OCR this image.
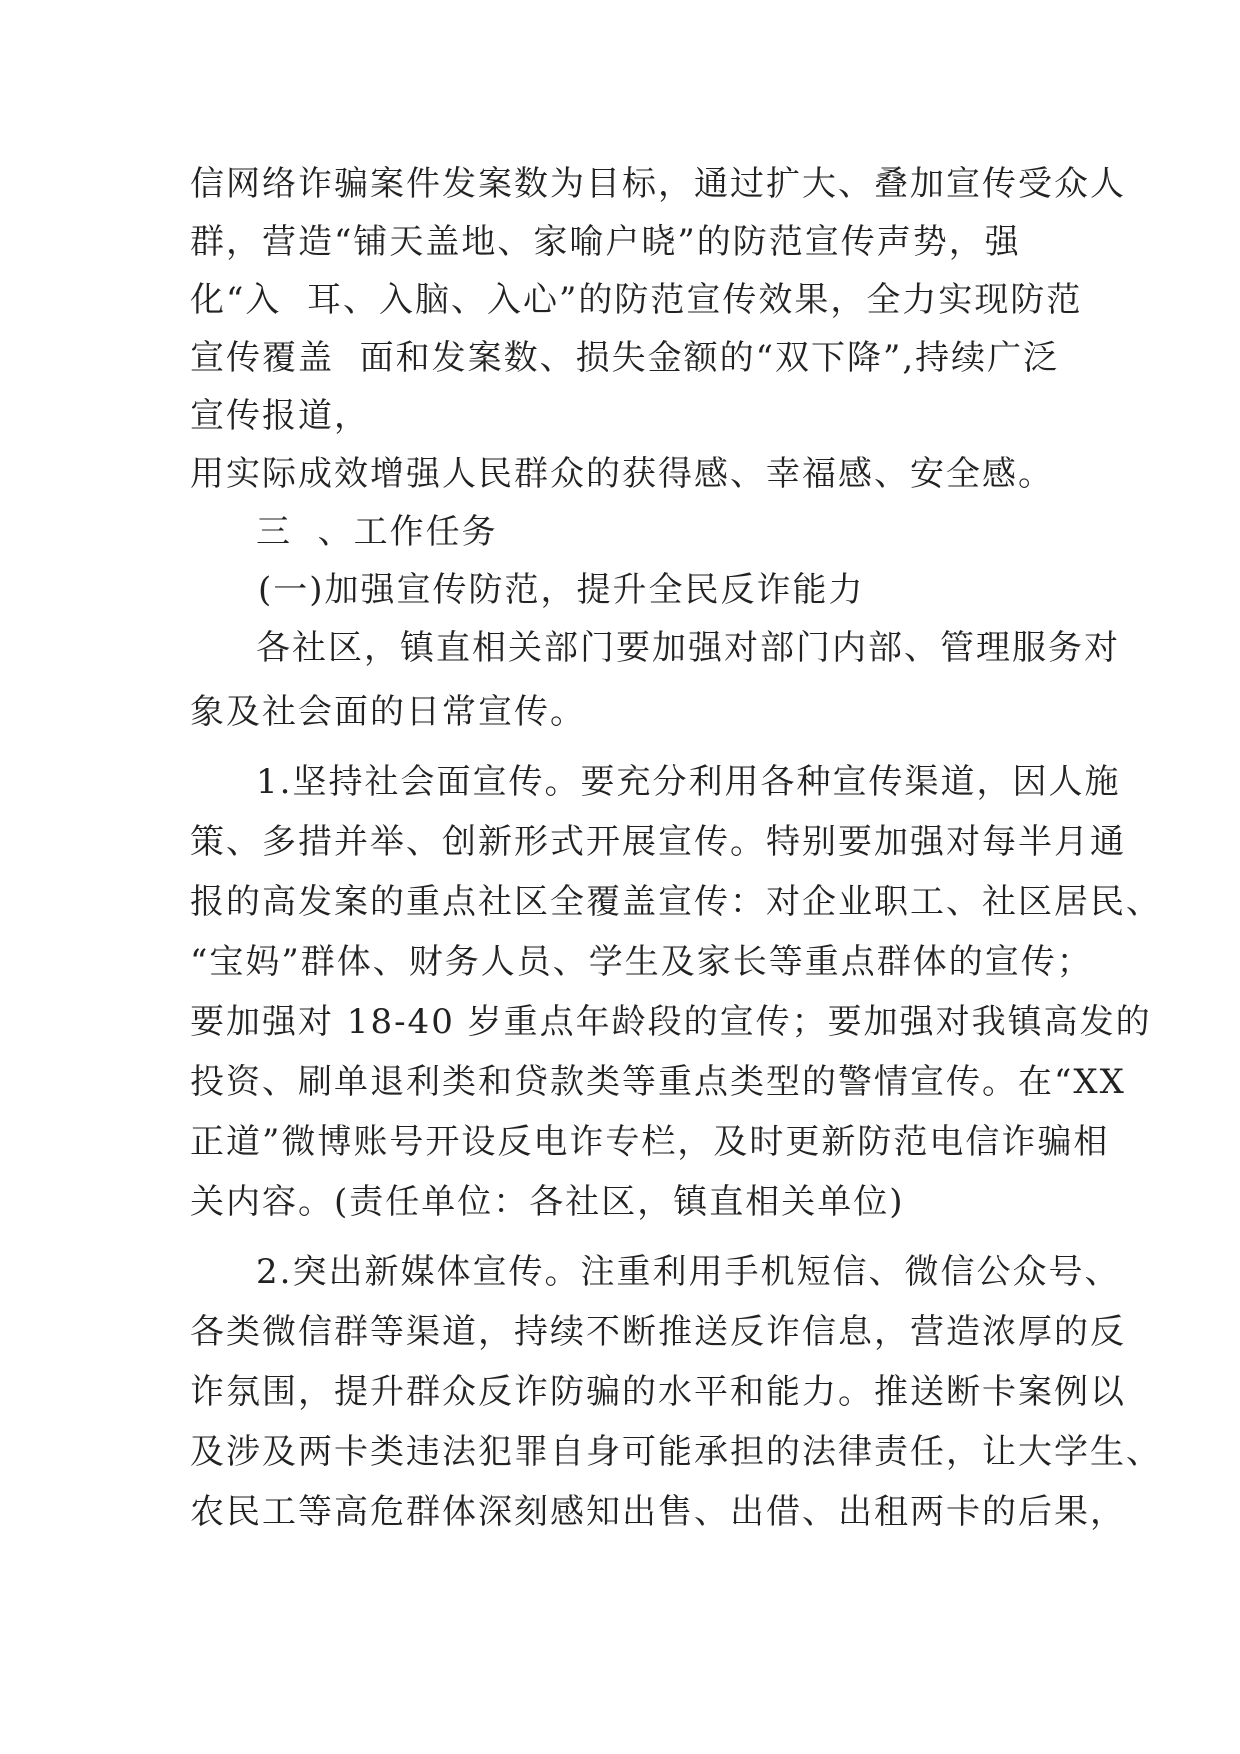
信网络诈骗案件发案数为目标，通过扩大、叠加宣传受众人

群，营造“铺天盖地、家喻户晓”的防范宣传声势，强

化“入  耳、入脑、入心”的防范宣传效果，全力实现防范

宣传覆盖  面和发案数、损失金额的“双下降”,持续广泛

宣传报道，

用实际成效增强人民群众的获得感、幸福感、安全感。

三  、工作任务

(一)加强宣传防范，提升全民反诈能力

各社区，镇直相关部门要加强对部门内部、管理服务对

象及社会面的日常宣传。

1.坚持社会面宣传。要充分利用各种宣传渠道，因人施

策、多措并举、创新形式开展宣传。特别要加强对每半月通

报的高发案的重点社区全覆盖宣传：对企业职工、社区居民、

“宝妈”群体、财务人员、学生及家长等重点群体的宣传；

要加强对 18-40 岁重点年龄段的宣传；要加强对我镇高发的

投资、刷单退利类和贷款类等重点类型的警情宣传。在“XX

正道”微博账号开设反电诈专栏，及时更新防范电信诈骗相

关内容。(责任单位：各社区，镇直相关单位)

2.突出新媒体宣传。注重利用手机短信、微信公众号、

各类微信群等渠道，持续不断推送反诈信息，营造浓厚的反

诈氛围，提升群众反诈防骗的水平和能力。推送断卡案例以

及涉及两卡类违法犯罪自身可能承担的法律责任，让大学生、

农民工等高危群体深刻感知出售、出借、出租两卡的后果，
